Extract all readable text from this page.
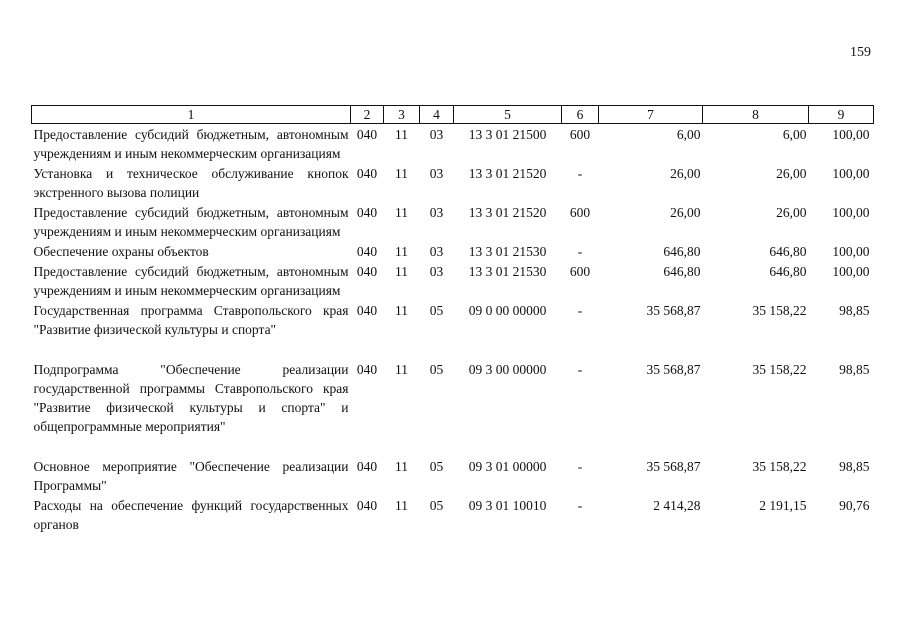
159
1	2	3	4	5	6	7	8	9
Предоставление субсидий бюджетным, автономным учреждениям и иным некоммерческим организациям	040	11	03	13 3 01 21500	600	6,00	6,00	100,00
Установка и техническое обслуживание кнопок экстренного вызова полиции	040	11	03	13 3 01 21520	-	26,00	26,00	100,00
Предоставление субсидий бюджетным, автономным учреждениям и иным некоммерческим организациям	040	11	03	13 3 01 21520	600	26,00	26,00	100,00
Обеспечение охраны объектов	040	11	03	13 3 01 21530	-	646,80	646,80	100,00
Предоставление субсидий бюджетным, автономным учреждениям и иным некоммерческим организациям	040	11	03	13 3 01 21530	600	646,80	646,80	100,00
Государственная программа Ставропольского края "Развитие физической культуры и спорта"	040	11	05	09 0 00 00000	-	35 568,87	35 158,22	98,85
Подпрограмма "Обеспечение реализации государственной программы Ставропольского края "Развитие физической культуры и спорта" и общепрограммные мероприятия"	040	11	05	09 3 00 00000	-	35 568,87	35 158,22	98,85
Основное мероприятие "Обеспечение реализации Программы"	040	11	05	09 3 01 00000	-	35 568,87	35 158,22	98,85
Расходы на обеспечение функций государственных органов	040	11	05	09 3 01 10010	-	2 414,28	2 191,15	90,76
